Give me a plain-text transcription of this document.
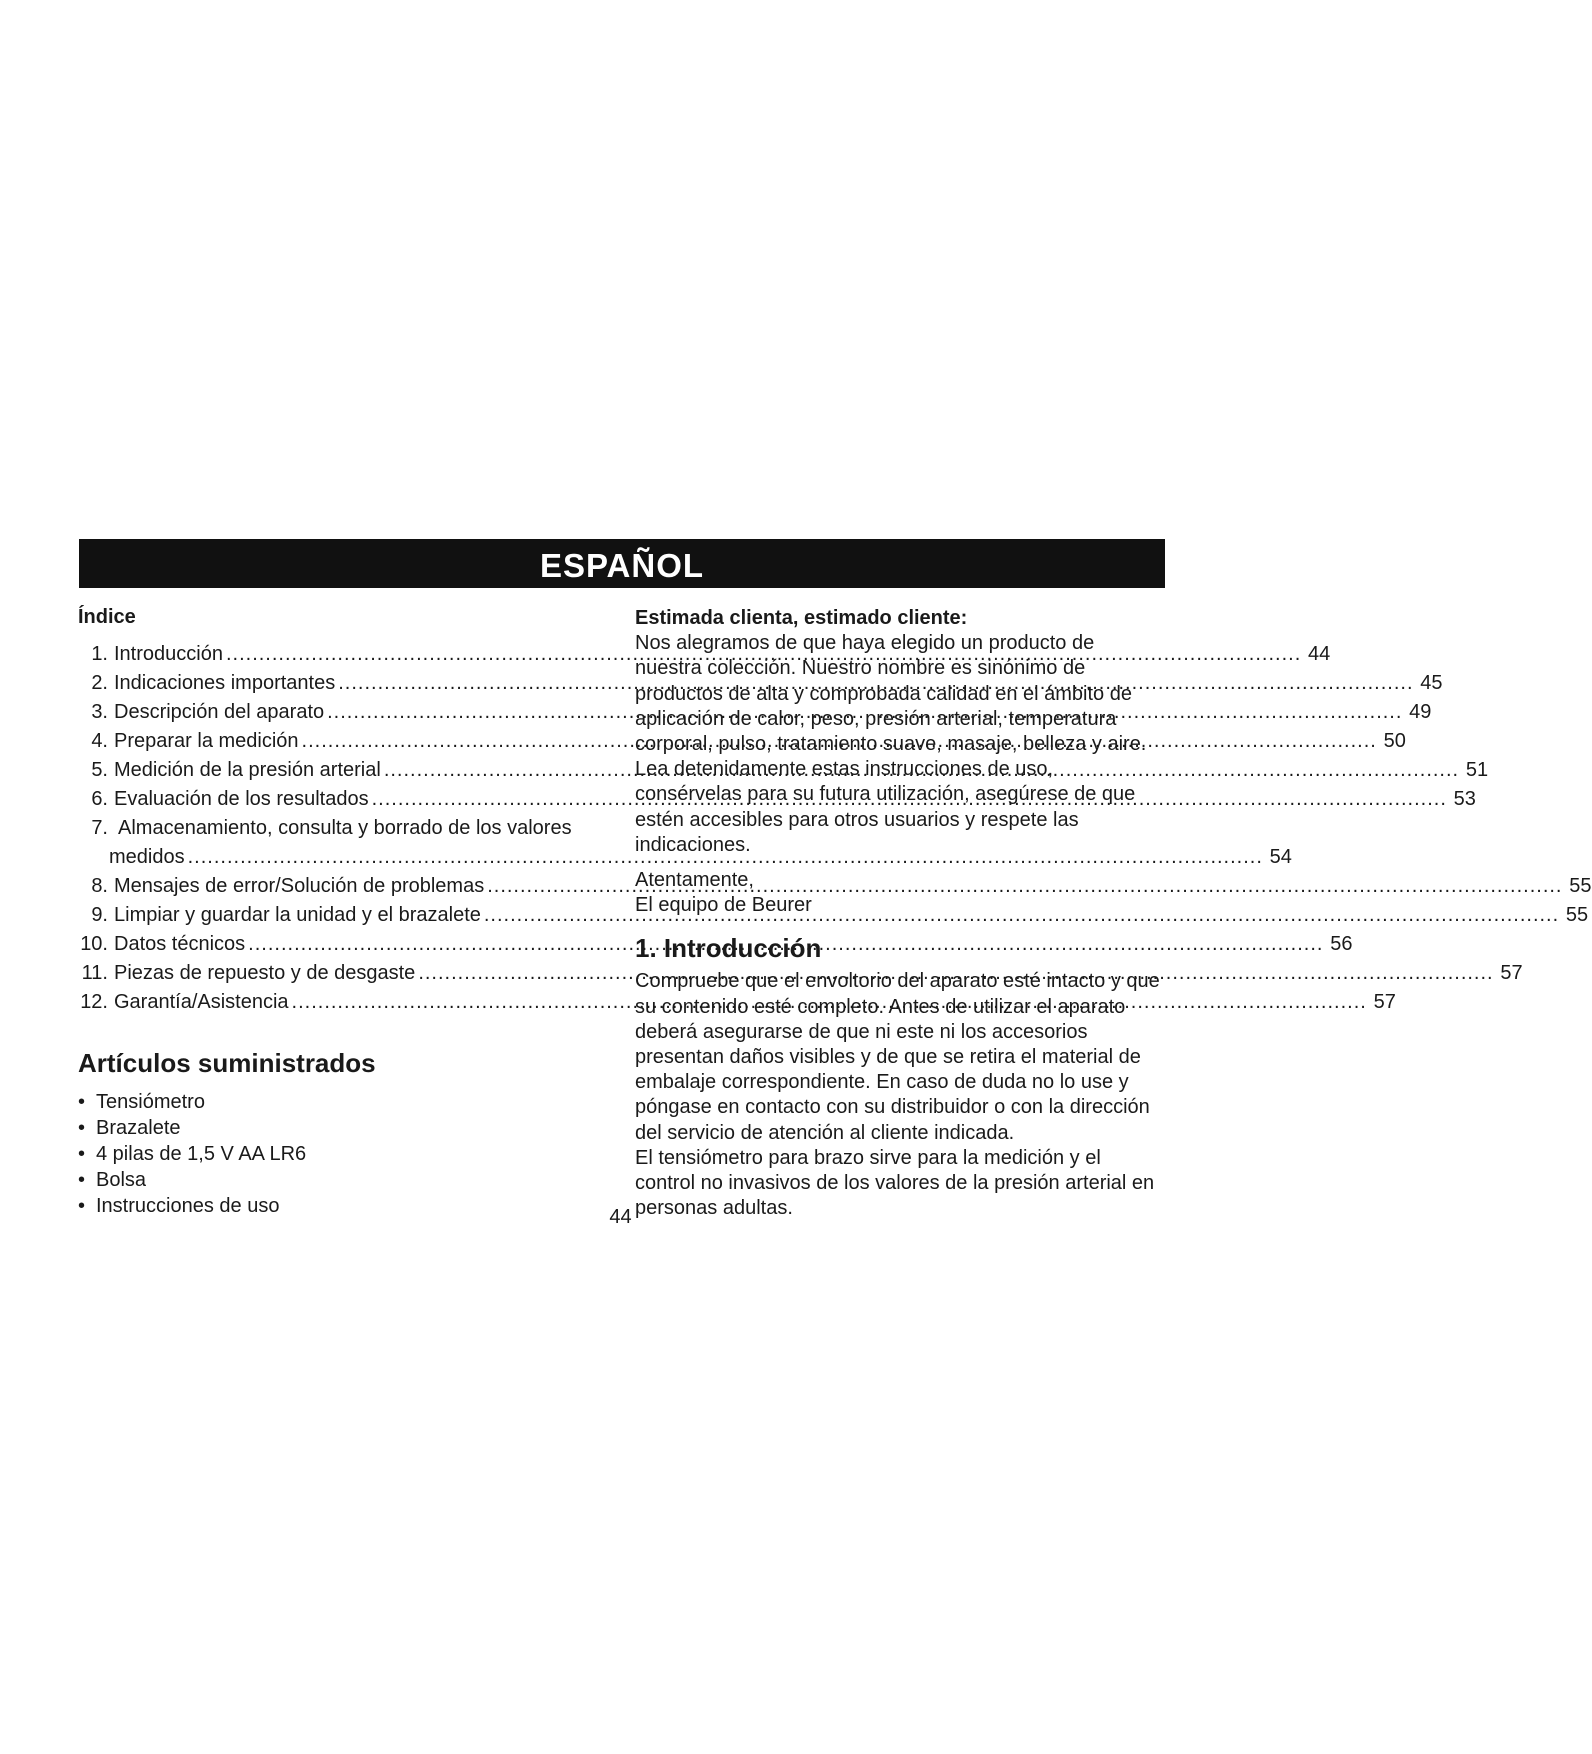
ESPAÑOL
Índice
1. Introducción .....	44
2. Indicaciones importantes .....	45
3. Descripción del aparato .....	49
4. Preparar la medición .....	50
5. Medición de la presión arterial .....	51
6. Evaluación de los resultados .....	53
7. Almacenamiento, consulta y borrado de los valores
medidos .....	54
8. Mensajes de error/Solución de problemas .....	55
9. Limpiar y guardar la unidad y el brazalete .....	55
10. Datos técnicos .....	56
11. Piezas de repuesto y de desgaste .....	57
12. Garantía/Asistencia .....	57
Artículos suministrados
• Tensiómetro
• Brazalete
• 4 pilas de 1,5 V AA LR6
• Bolsa
• Instrucciones de uso

Estimada clienta, estimado cliente:

Nos alegramos de que haya elegido un producto de nuestra colección. Nuestro nombre es sinónimo de productos de alta y comprobada calidad en el ámbito de aplicación de calor, peso, presión arterial, temperatura corporal, pulso, tratamiento suave, masaje, belleza y aire. Lea detenidamente estas instrucciones de uso, consérvelas para su futura utilización, asegúrese de que estén accesibles para otros usuarios y respete las indicaciones.

Atentamente,

El equipo de Beurer

1. Introducción

Compruebe que el envoltorio del aparato esté intacto y que su contenido esté completo. Antes de utilizar el aparato deberá asegurarse de que ni este ni los accesorios presentan daños visibles y de que se retira el material de embalaje correspondiente. En caso de duda no lo use y póngase en contacto con su distribuidor o con la dirección del servicio de atención al cliente indicada.

El tensiómetro para brazo sirve para la medición y el control no invasivos de los valores de la presión arterial en personas adultas.

44
